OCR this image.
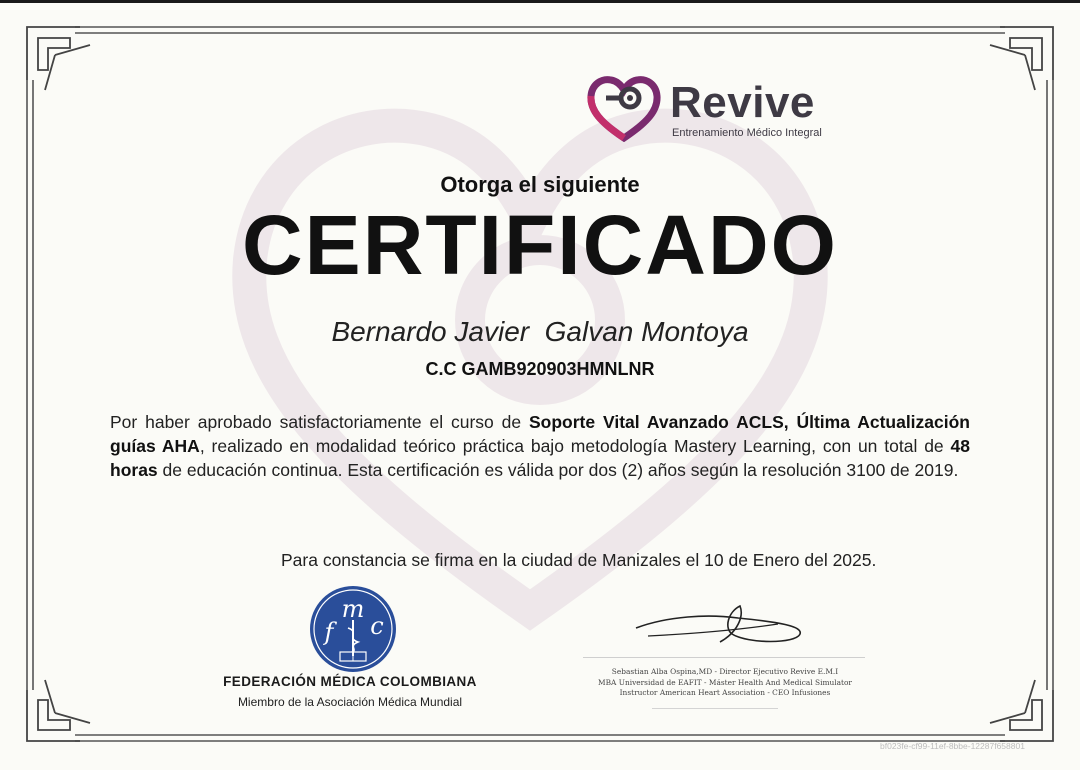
Revive
Entrenamiento Médico Integral
Otorga el siguiente
CERTIFICADO
Bernardo Javier  Galvan Montoya
C.C GAMB920903HMNLNR
Por haber aprobado satisfactoriamente el curso de Soporte Vital Avanzado ACLS, Última Actualización guías AHA, realizado en modalidad teórico práctica bajo metodología Mastery Learning, con un total de 48 horas de educación continua. Esta certificación es válida por dos (2) años según la resolución 3100 de 2019.
Para constancia se firma en la ciudad de Manizales el 10 de Enero del 2025.
m
f c
FEDERACIÓN MÉDICA COLOMBIANA
Miembro de la Asociación Médica Mundial
Sebastian Alba Ospina,MD - Director Ejecutivo Revive E.M.I
MBA Universidad de EAFIT - Máster Health And Medical Simulator
Instructor American Heart Association - CEO Infusiones
bf023fe-cf99-11ef-8bbe-12287f658801
